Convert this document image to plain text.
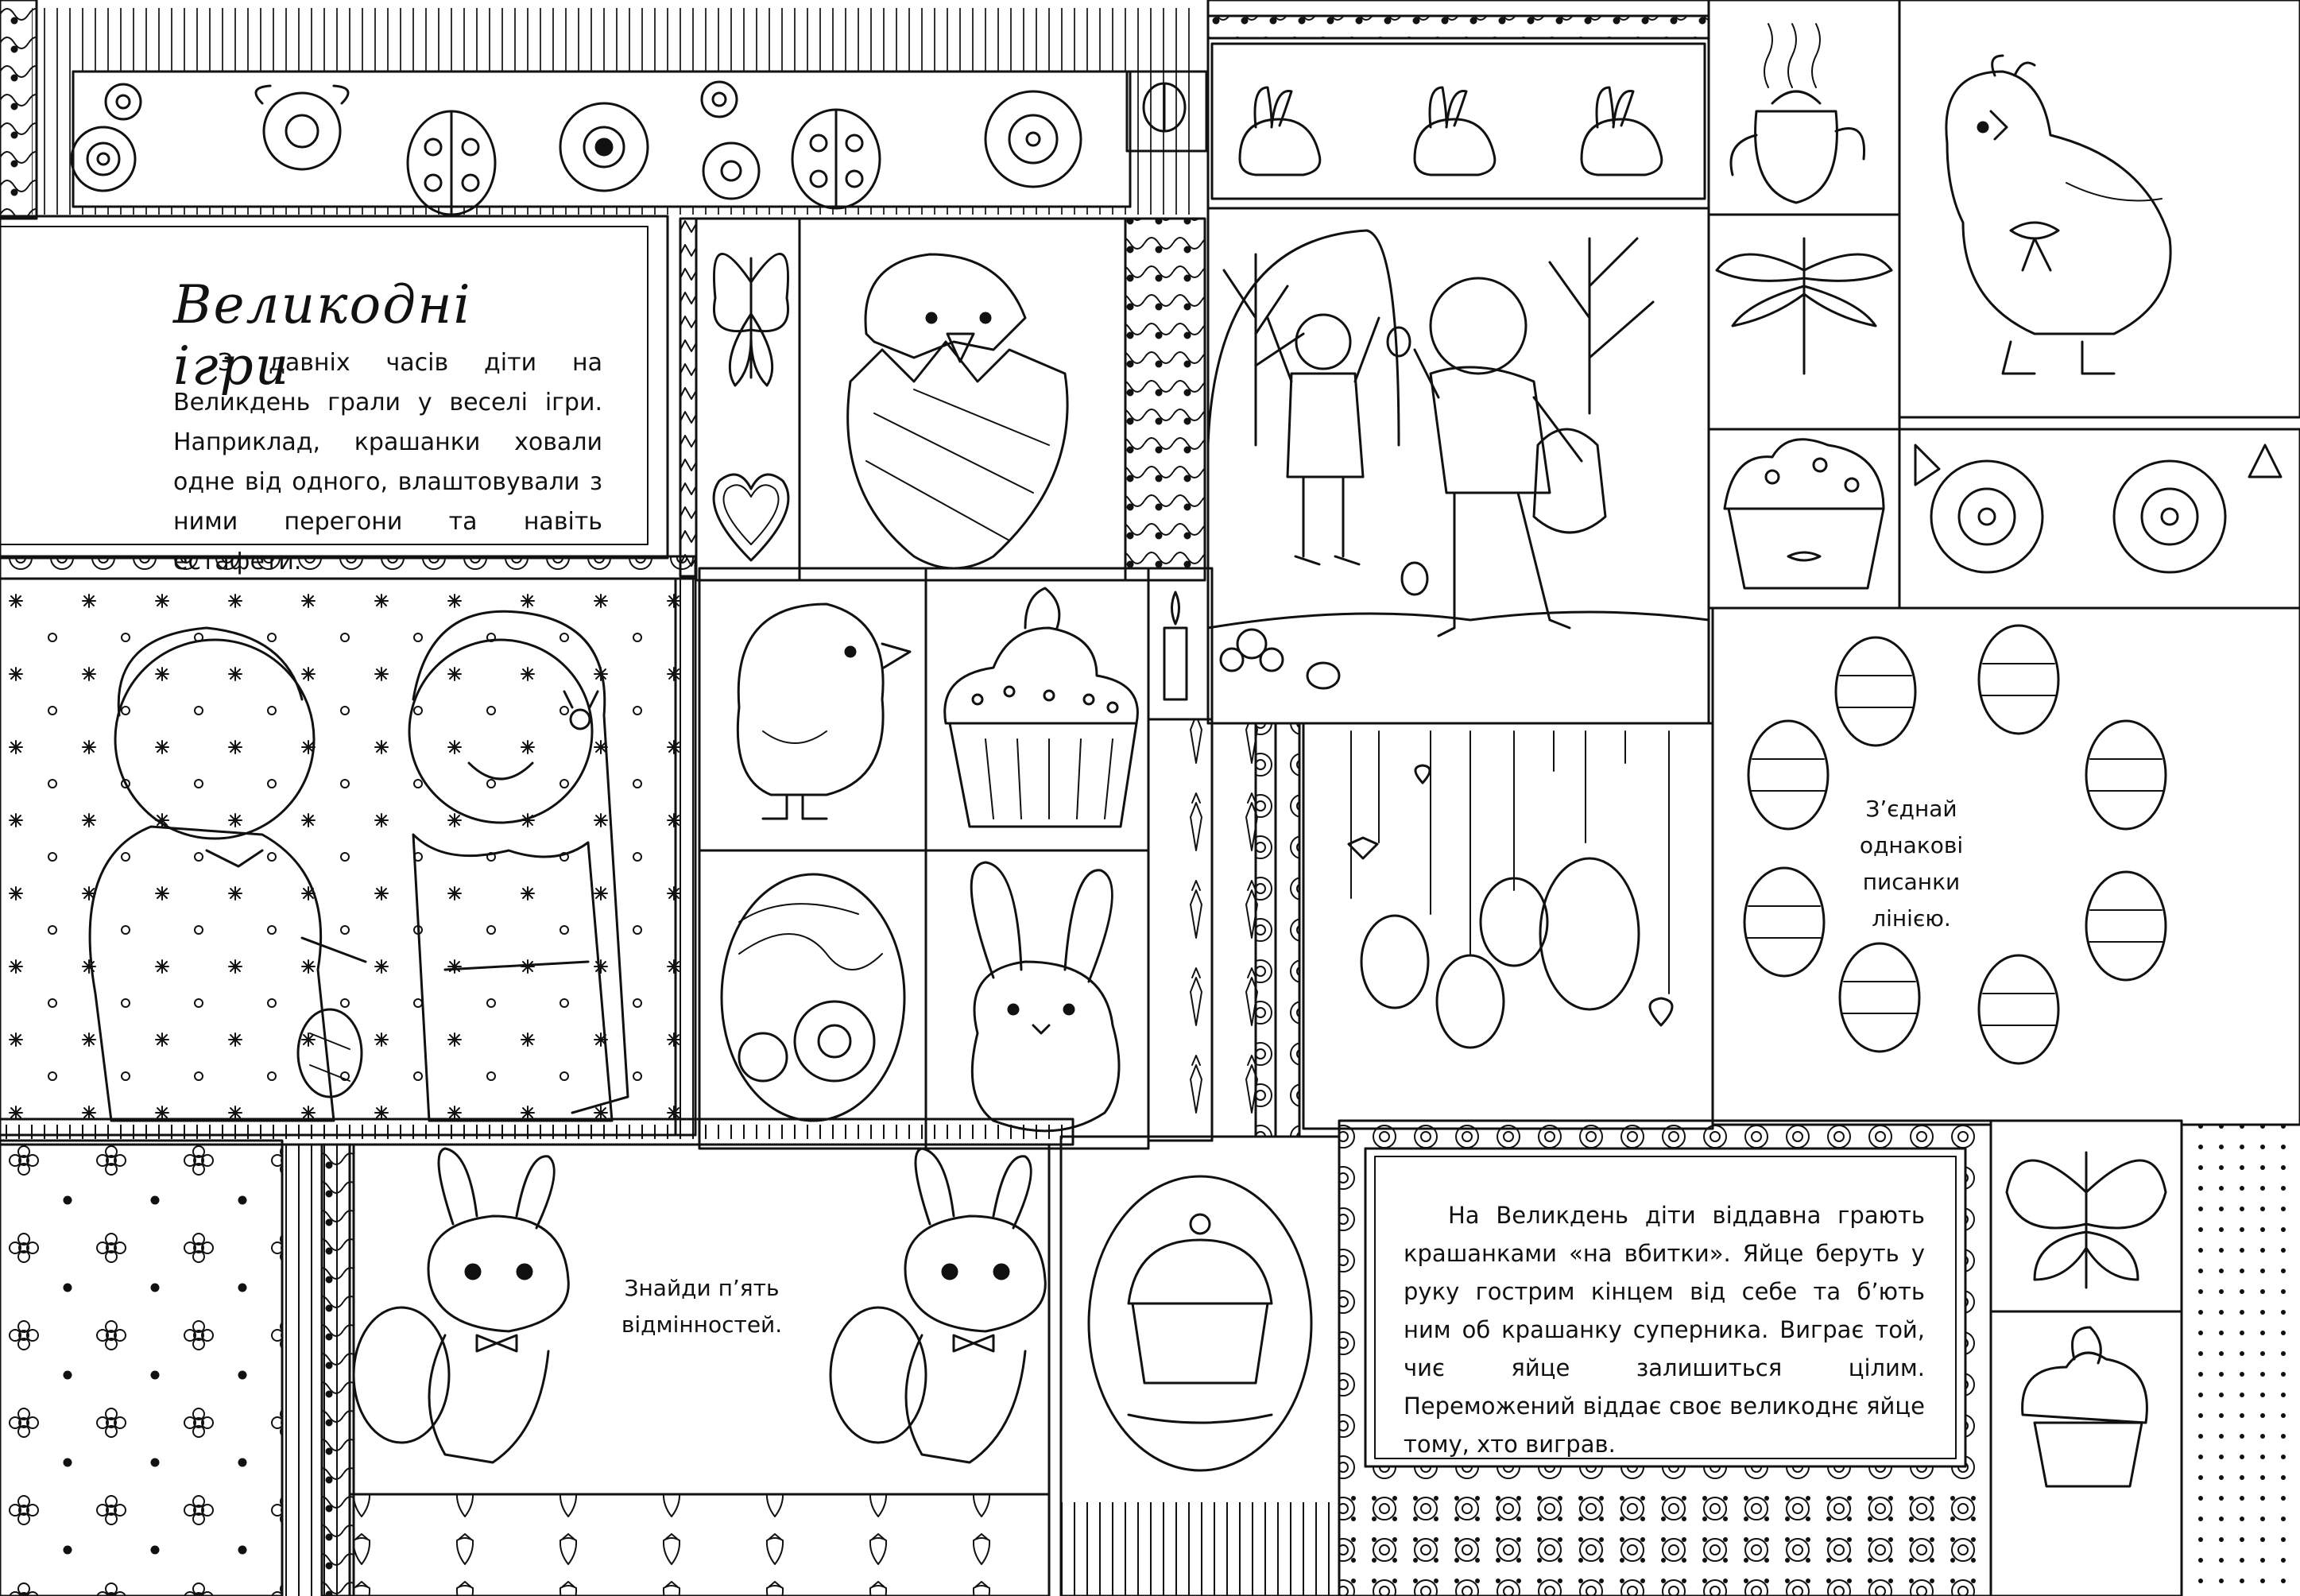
Великодні ігри

З давніх часів діти на Великдень грали у веселі ігри. Наприклад, крашанки ховали одне від одного, влаштовували з ними перегони та навіть естафети.

З’єднай однакові писанки лінією.
Знайди п’ять відмінностей.

На Великдень діти віддавна грають крашанками «на вбитки». Яйце беруть у руку гострим кінцем від себе та б’ють ним об крашанку суперника. Виграє той, чиє яйце залишиться цілим. Переможений віддає своє великоднє яйце тому, хто виграв.
